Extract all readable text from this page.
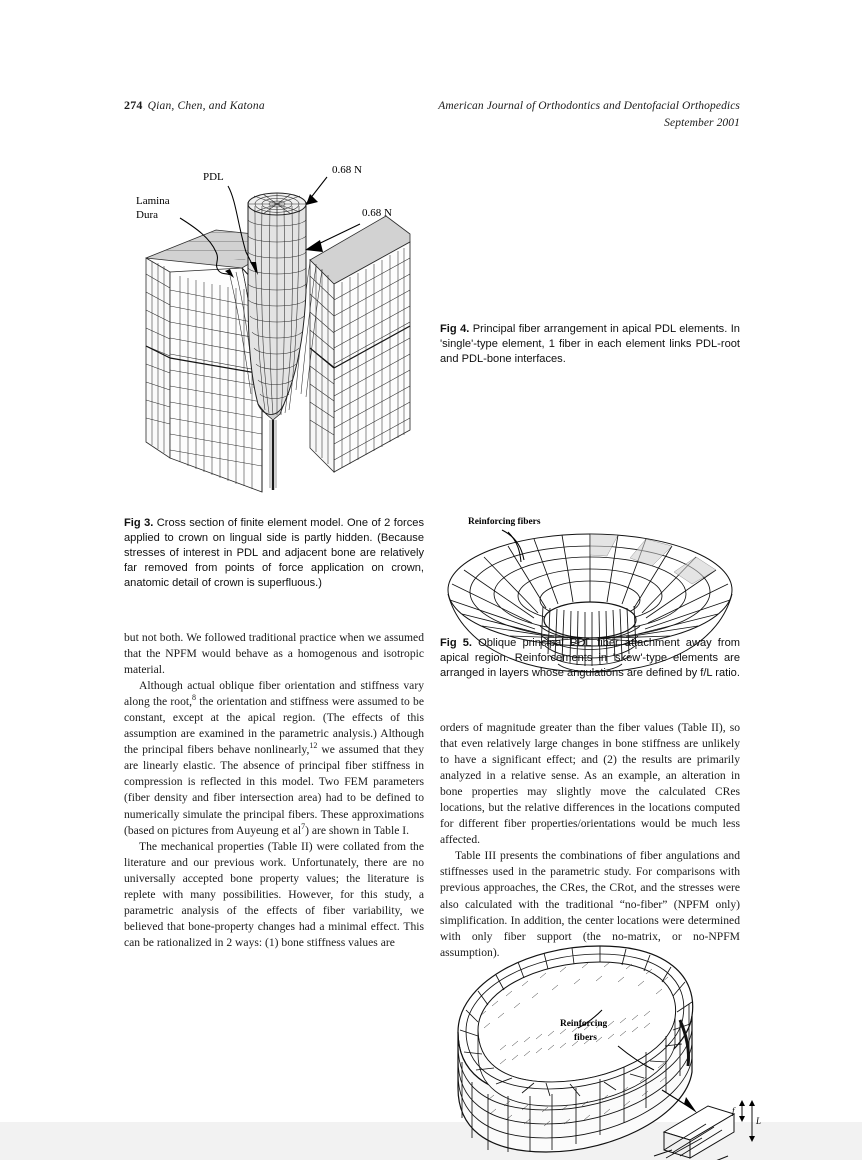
274 Qian, Chen, and Katona	American Journal of Orthodontics and Dentofacial Orthopedics
September 2001
0.68 N
0.68 N
PDL
Lamina
Dura
Fig 3. Cross section of finite element model. One of 2 forces applied to crown on lingual side is partly hidden. (Because stresses of interest in PDL and adjacent bone are relatively far removed from points of force application on crown, anatomic detail of crown is superfluous.)

but not both. We followed traditional practice when we assumed that the NPFM would behave as a homogenous and isotropic material.

Although actual oblique fiber orientation and stiffness vary along the root,$^8$ the orientation and stiffness were assumed to be constant, except at the apical region. (The effects of this assumption are examined in the parametric analysis.) Although the principal fibers behave nonlinearly,$^{12}$ we assumed that they are linearly elastic. The absence of principal fiber stiffness in compression is reflected in this model. Two FEM parameters (fiber density and fiber intersection area) had to be defined to numerically simulate the principal fibers. These approximations (based on pictures from Auyeung et $al^7$) are shown in Table I.

The mechanical properties (Table II) were collated from the literature and our previous work. Unfortunately, there are no universally accepted bone property values; the literature is replete with many possibilities. However, for this study, a parametric analysis of the effects of fiber variability, we believed that bone-property changes had a minimal effect. This can be rationalized in 2 ways: (1) bone stiffness values are

Reinforcing fibers
Fig 4. Principal fiber arrangement in apical PDL elements. In 'single'-type element, 1 fiber in each element links PDL-root and PDL-bone interfaces.
Reinforcing
fibers
f
L
Fig 5. Oblique principal PDL fiber attachment away from apical region. Reinforcements in 'skew'-type elements are arranged in layers whose angulations are defined by f/L ratio.

orders of magnitude greater than the fiber values (Table II), so that even relatively large changes in bone stiffness are unlikely to have a significant effect; and (2) the results are primarily analyzed in a relative sense. As an example, an alteration in bone properties may slightly move the calculated CRes locations, but the relative differences in the locations computed for different fiber properties/orientations would be much less affected.

Table III presents the combinations of fiber angulations and stiffnesses used in the parametric study. For comparisons with previous approaches, the CRes, the CRot, and the stresses were also calculated with the traditional “no-fiber” (NPFM only) simplification. In addition, the center locations were determined with only fiber support (the no-matrix, or no-NPFM assumption).
